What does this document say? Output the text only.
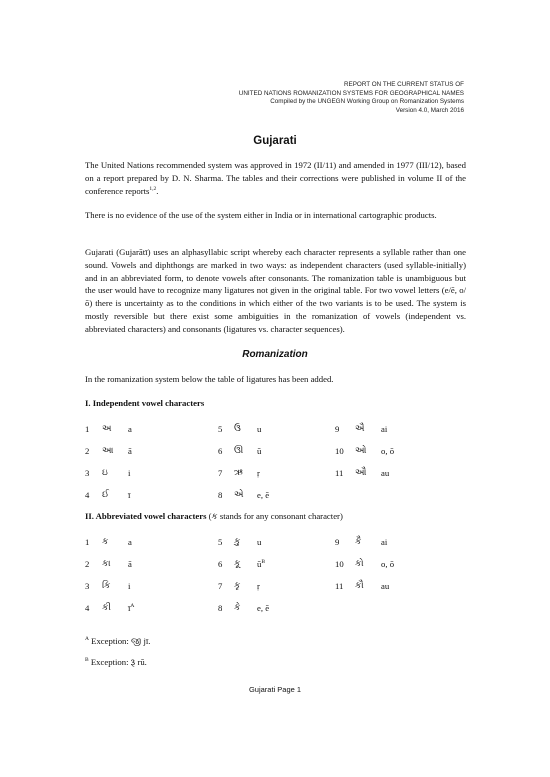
REPORT ON THE CURRENT STATUS OF
UNITED NATIONS ROMANIZATION SYSTEMS FOR GEOGRAPHICAL NAMES
Compiled by the UNGEGN Working Group on Romanization Systems
Version 4.0, March 2016
Gujarati
The United Nations recommended system was approved in 1972 (II/11) and amended in 1977 (III/12), based on a report prepared by D. N. Sharma. The tables and their corrections were published in volume II of the conference reports$^{1,2}$.
There is no evidence of the use of the system either in India or in international cartographic products.
Gujarati (Gujarātī) uses an alphasyllabic script whereby each character represents a syllable rather than one sound. Vowels and diphthongs are marked in two ways: as independent characters (used syllable-initially) and in an abbreviated form, to denote vowels after consonants. The romanization table is unambiguous but the user would have to recognize many ligatures not given in the original table. For two vowel letters (e/ē, o/ō) there is uncertainty as to the conditions in which either of the two variants is to be used. The system is mostly reversible but there exist some ambiguities in the romanization of vowels (independent vs. abbreviated characters) and consonants (ligatures vs. character sequences).
Romanization
In the romanization system below the table of ligatures has been added.
I. Independent vowel characters
1	અ a	5	ઉ u	9	ઐ ai
2	આ ā	6	ઊ ū	10	ઓ o, ō
3	ઇ i	7	ઋ ṛ	11	ઔ au
4	ઈ ī	8	એ e, ē
II. Abbreviated vowel characters (ક stands for any consonant character)
1	ક a	5	કુ u	9	કૈ ai
2	કા ā	6	કૂ $ū^B$	10	કો o, ō
3	કિ i	7	કૃ ṛ	11	કૌ au
4	કી $ī^A$	8	કે e, ē
$^A$ Exception: જી jī.
$^B$ Exception: રૂ rū.
Gujarati Page 1
